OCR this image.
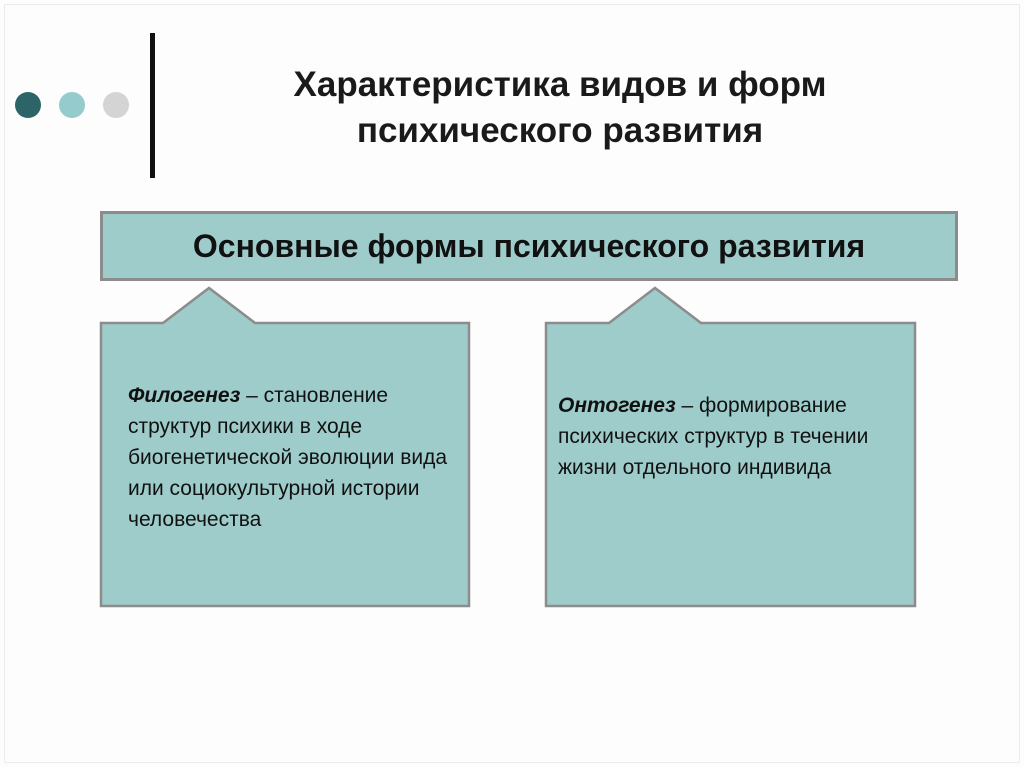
Характеристика видов и форм психического развития
Основные формы психического развития
Филогенез – становление структур психики в ходе биогенетической эволюции вида или социокультурной истории человечества
Онтогенез – формирование психических структур в течении жизни отдельного индивида
